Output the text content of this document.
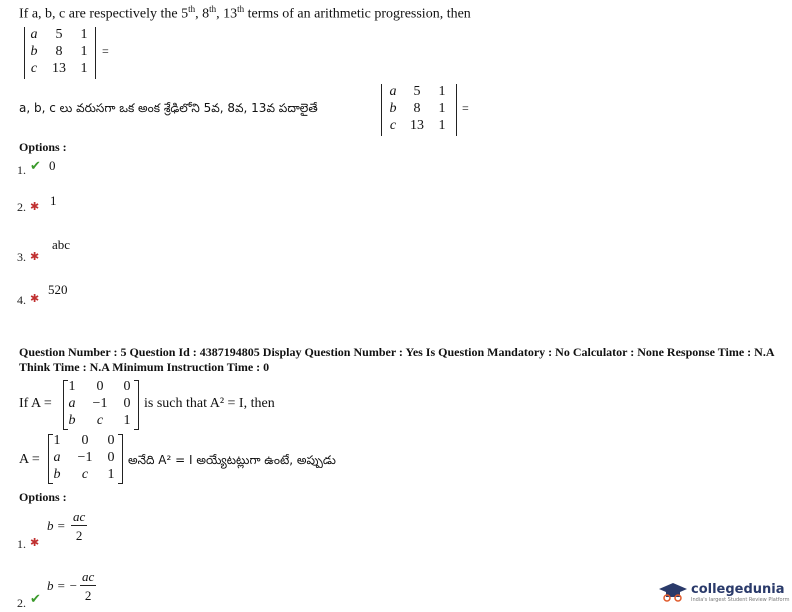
If a, b, c are respectively the 5th, 8th, 13th terms of an arithmetic progression, then
a	5	1
b	8	1
c	13	1
=
a, b, c లు వరుసగా ఒక అంక శ్రేఢిలోని 5వ, 8వ, 13వ పదాలైతే
a	5	1
b	8	1
c 13	1
=
Options :
1. ✔ 0
2. ✱ 1
3. ✱
abc
4. ✱
520
Question Number : 5 Question Id : 4387194805 Display Question Number : Yes Is Question Mandatory : No Calculator : None Response Time : N.A
Think Time : N.A Minimum Instruction Time : 0
If A =
1	0	0
a	−1	0
b	c	1
is such that A² = I, then
A =
1	0	0
a	−1	0
b	c	1
అనేది A² = I అయ్యేటట్లుగా ఉంటే, అప్పుడు
Options :
1. ✱
$b = \frac{ac}{2}$
2. ✔
b = − $\frac{ac}{2}$	collegedunia
India's largest Student Review Platform
